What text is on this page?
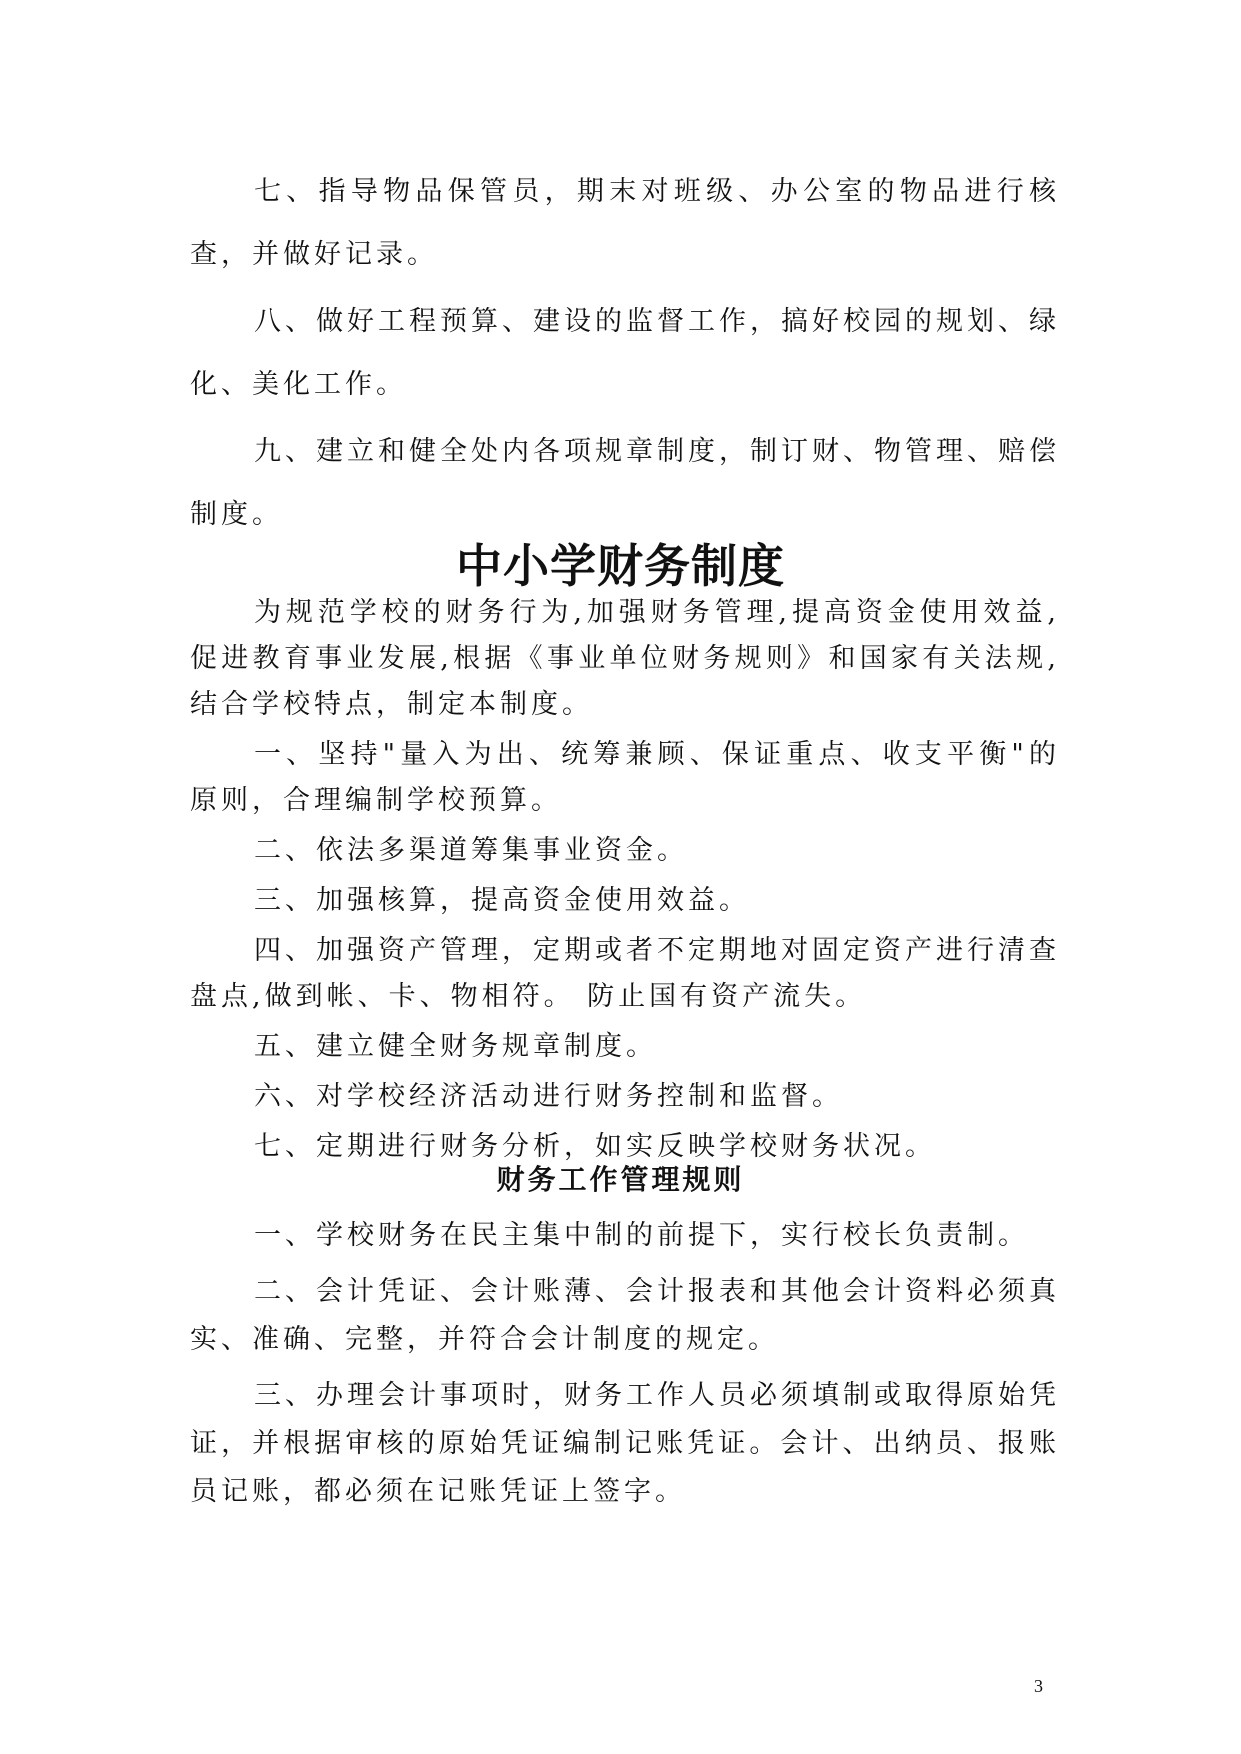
七、指导物品保管员，期末对班级、办公室的物品进行核查，并做好记录。

八、做好工程预算、建设的监督工作，搞好校园的规划、绿化、美化工作。

九、建立和健全处内各项规章制度，制订财、物管理、赔偿制度。

中小学财务制度

为规范学校的财务行为,加强财务管理,提高资金使用效益,促进教育事业发展,根据《事业单位财务规则》和国家有关法规,结合学校特点，制定本制度。

一、坚持"量入为出、统筹兼顾、保证重点、收支平衡"的原则，合理编制学校预算。

二、依法多渠道筹集事业资金。

三、加强核算，提高资金使用效益。

四、加强资产管理，定期或者不定期地对固定资产进行清查盘点,做到帐、卡、物相符。 防止国有资产流失。

五、建立健全财务规章制度。

六、对学校经济活动进行财务控制和监督。

七、定期进行财务分析，如实反映学校财务状况。

财务工作管理规则

一、学校财务在民主集中制的前提下，实行校长负责制。

二、会计凭证、会计账薄、会计报表和其他会计资料必须真实、准确、完整，并符合会计制度的规定。

三、办理会计事项时，财务工作人员必须填制或取得原始凭证，并根据审核的原始凭证编制记账凭证。会计、出纳员、报账员记账，都必须在记账凭证上签字。

3
